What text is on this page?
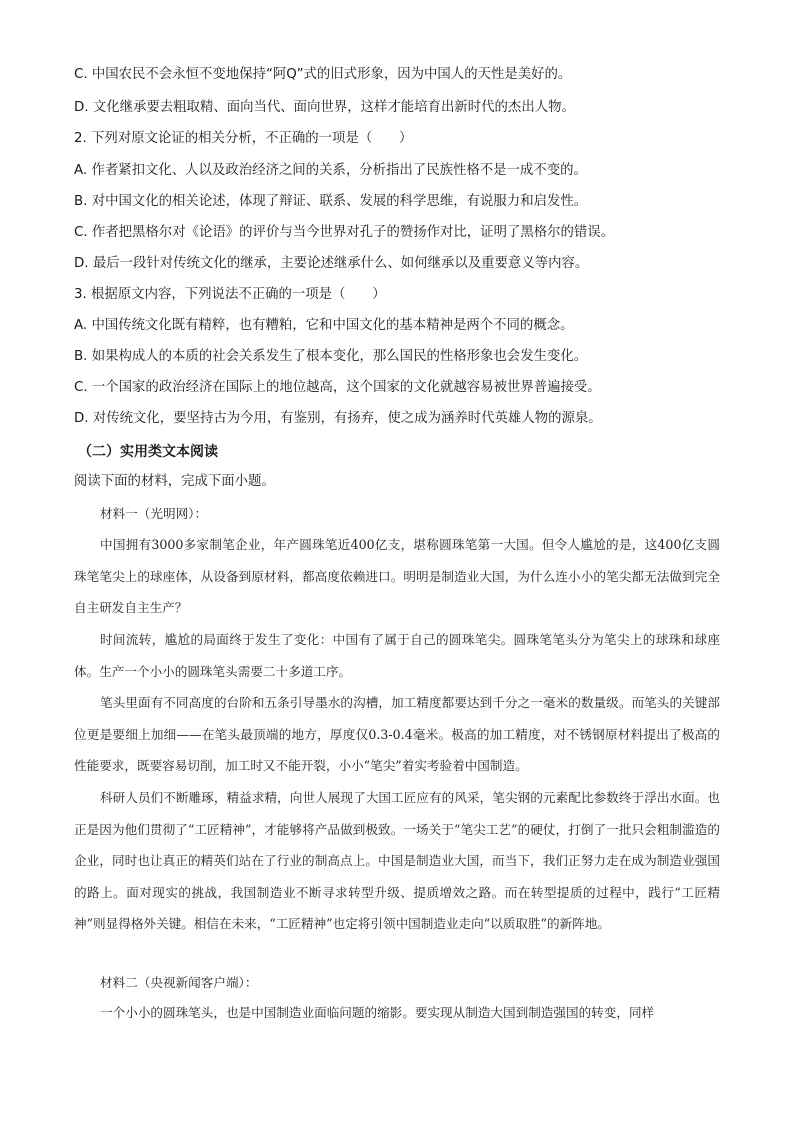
C. 中国农民不会永恒不变地保持“阿Q”式的旧式形象，因为中国人的天性是美好的。
D. 文化继承要去粗取精、面向当代、面向世界，这样才能培育出新时代的杰出人物。
2. 下列对原文论证的相关分析，不正确的一项是（　　）
A. 作者紧扣文化、人以及政治经济之间的关系，分析指出了民族性格不是一成不变的。
B. 对中国文化的相关论述，体现了辩证、联系、发展的科学思维，有说服力和启发性。
C. 作者把黑格尔对《论语》的评价与当今世界对孔子的赞扬作对比，证明了黑格尔的错误。
D. 最后一段针对传统文化的继承，主要论述继承什么、如何继承以及重要意义等内容。
3. 根据原文内容，下列说法不正确的一项是（　　）
A. 中国传统文化既有精粹，也有糟粕，它和中国文化的基本精神是两个不同的概念。
B. 如果构成人的本质的社会关系发生了根本变化，那么国民的性格形象也会发生变化。
C. 一个国家的政治经济在国际上的地位越高，这个国家的文化就越容易被世界普遍接受。
D. 对传统文化，要坚持古为今用，有鉴别，有扬弃，使之成为涵养时代英雄人物的源泉。
（二）实用类文本阅读
阅读下面的材料，完成下面小题。
材料一（光明网）：

中国拥有3000多家制笔企业，年产圆珠笔近400亿支，堪称圆珠笔第一大国。但令人尴尬的是，这400亿支圆珠笔笔尖上的球座体，从设备到原材料，都高度依赖进口。明明是制造业大国，为什么连小小的笔尖都无法做到完全自主研发自主生产？

时间流转，尴尬的局面终于发生了变化：中国有了属于自己的圆珠笔尖。圆珠笔笔头分为笔尖上的球珠和球座体。生产一个小小的圆珠笔头需要二十多道工序。

笔头里面有不同高度的台阶和五条引导墨水的沟槽，加工精度都要达到千分之一毫米的数量级。而笔头的关键部位更是要细上加细——在笔头最顶端的地方，厚度仅0.3-0.4毫米。极高的加工精度，对不锈钢原材料提出了极高的性能要求，既要容易切削，加工时又不能开裂，小小“笔尖”着实考验着中国制造。

科研人员们不断雕琢，精益求精，向世人展现了大国工匠应有的风采，笔尖钢的元素配比参数终于浮出水面。也正是因为他们贯彻了“工匠精神”，才能够将产品做到极致。一场关于“笔尖工艺”的硬仗，打倒了一批只会粗制滥造的企业，同时也让真正的精英们站在了行业的制高点上。中国是制造业大国，而当下，我们正努力走在成为制造业强国的路上。面对现实的挑战，我国制造业不断寻求转型升级、提质增效之路。而在转型提质的过程中，践行“工匠精神”则显得格外关键。相信在未来，“工匠精神”也定将引领中国制造业走向“以质取胜”的新阵地。

材料二（央视新闻客户端）：

一个小小的圆珠笔头，也是中国制造业面临问题的缩影。要实现从制造大国到制造强国的转变，同样
